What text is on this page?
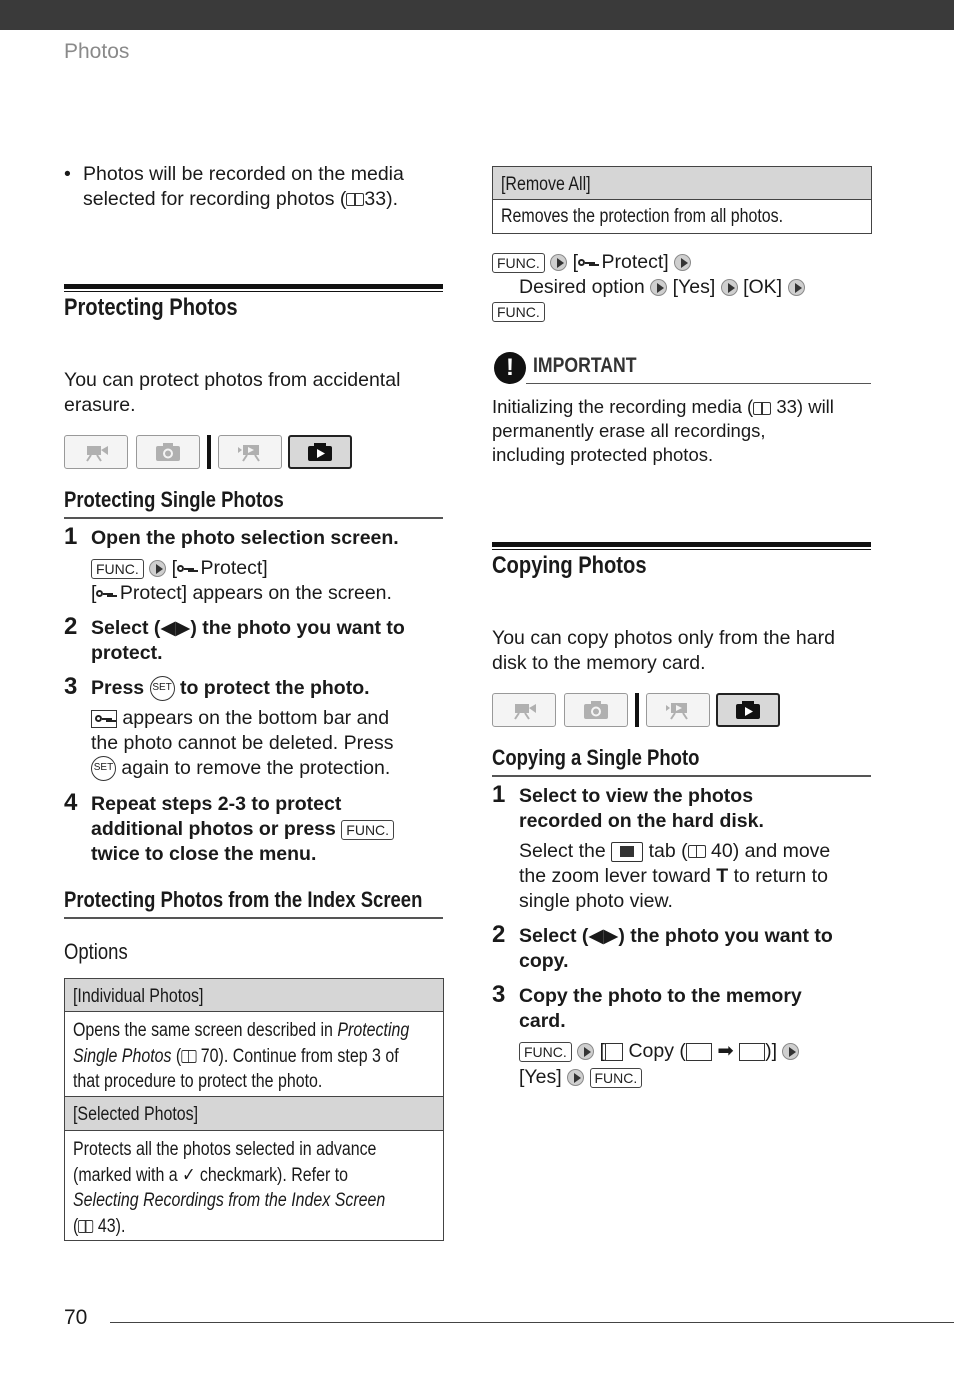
Photos
• Photos will be recorded on the media
selected for recording photos ( 33).
Protecting Photos
You can protect photos from accidental
erasure.
Protecting Single Photos
1 Open the photo selection screen.
FUNC.  [ Protect]
[ Protect] appears on the screen.
2 Select (◀▶) the photo you want to
protect.
3 Press SET to protect the photo.
appears on the bottom bar and
the photo cannot be deleted. Press
SET again to remove the protection.
4 Repeat steps 2-3 to protect
additional photos or press FUNC.
twice to close the menu.
Protecting Photos from the Index Screen
Options
[Individual Photos]
Opens the same screen described in Protecting
Single Photos ( 70). Continue from step 3 of
that procedure to protect the photo.
[Selected Photos]
Protects all the photos selected in advance
(marked with a ✓ checkmark). Refer to
Selecting Recordings from the Index Screen
( 43).
[Remove All]
Removes the protection from all photos.
FUNC.  [ Protect]
Desired option [Yes] [OK]
FUNC.
! IMPORTANT
Initializing the recording media ( 33) will
permanently erase all recordings,
including protected photos.
Copying Photos
You can copy photos only from the hard
disk to the memory card.
Copying a Single Photo
1 Select to view the photos
recorded on the hard disk.
Select the tab ( 40) and move
the zoom lever toward T to return to
single photo view.
2 Select (◀▶) the photo you want to
copy.
3 Copy the photo to the memory
card.
FUNC.  [ Copy ( ➡ )]
[Yes] FUNC.
70
